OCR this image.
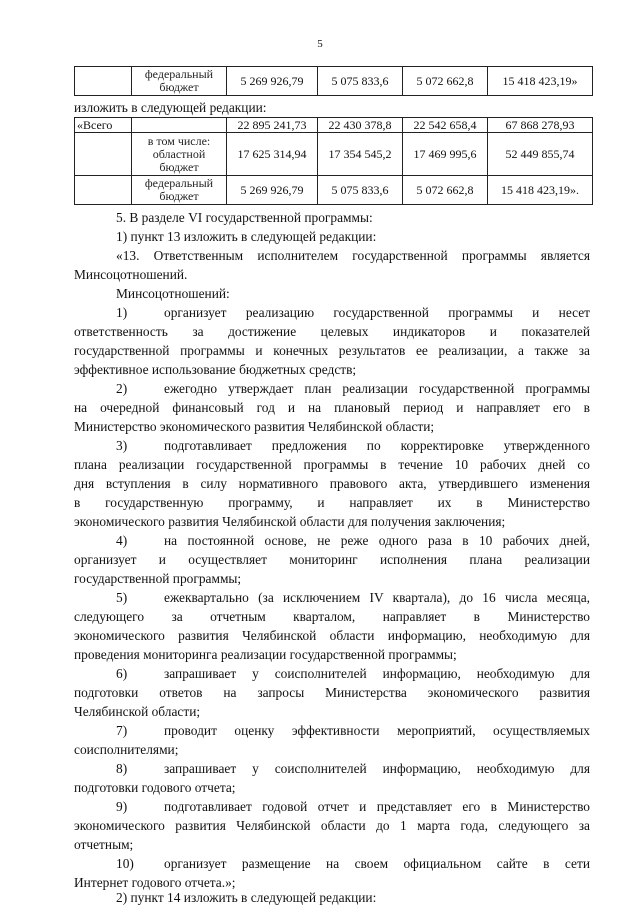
5

федеральный
бюджет	5 269 926,79	5 075 833,6	5 072 662,8	15 418 423,19»
изложить в следующей редакции:
«Всего		22 895 241,73	22 430 378,8	22 542 658,4	67 868 278,93

	в том числе:
областной
бюджет	17 625 314,94	17 354 545,2	17 469 995,6	52 449 855,74

	федеральный
бюджет	5 269 926,79	5 075 833,6	5 072 662,8	15 418 423,19».
5. В разделе VI государственной программы:
1) пункт 13 изложить в следующей редакции:
«13. Ответственным исполнителем государственной программы является
Минсоцотношений.
Минсоцотношений:
1)	организует реализацию государственной программы и несет
ответственность за достижение целевых индикаторов и показателей
государственной программы и конечных результатов ее реализации, а также за
эффективное использование бюджетных средств;
2)	ежегодно утверждает план реализации государственной программы
на очередной финансовый год и на плановый период и направляет его в
Министерство экономического развития Челябинской области;
3)	подготавливает предложения по корректировке утвержденного
плана реализации государственной программы в течение 10 рабочих дней со
дня вступления в силу нормативного правового акта, утвердившего изменения
в государственную программу, и направляет их в Министерство
экономического развития Челябинской области для получения заключения;
4)	на постоянной основе, не реже одного раза в 10 рабочих дней,
организует и осуществляет мониторинг исполнения плана реализации
государственной программы;
5)	ежеквартально (за исключением IV квартала), до 16 числа месяца,
следующего за отчетным кварталом, направляет в Министерство
экономического развития Челябинской области информацию, необходимую для
проведения мониторинга реализации государственной программы;
6)	запрашивает у соисполнителей информацию, необходимую для
подготовки ответов на запросы Министерства экономического развития
Челябинской области;
7)	проводит оценку эффективности мероприятий, осуществляемых
соисполнителями;
8)	запрашивает у соисполнителей информацию, необходимую для
подготовки годового отчета;
9)	подготавливает годовой отчет и представляет его в Министерство
экономического развития Челябинской области до 1 марта года, следующего за
отчетным;
10)	организует размещение на своем официальном сайте в сети
Интернет годового отчета.»;
2) пункт 14 изложить в следующей редакции:
